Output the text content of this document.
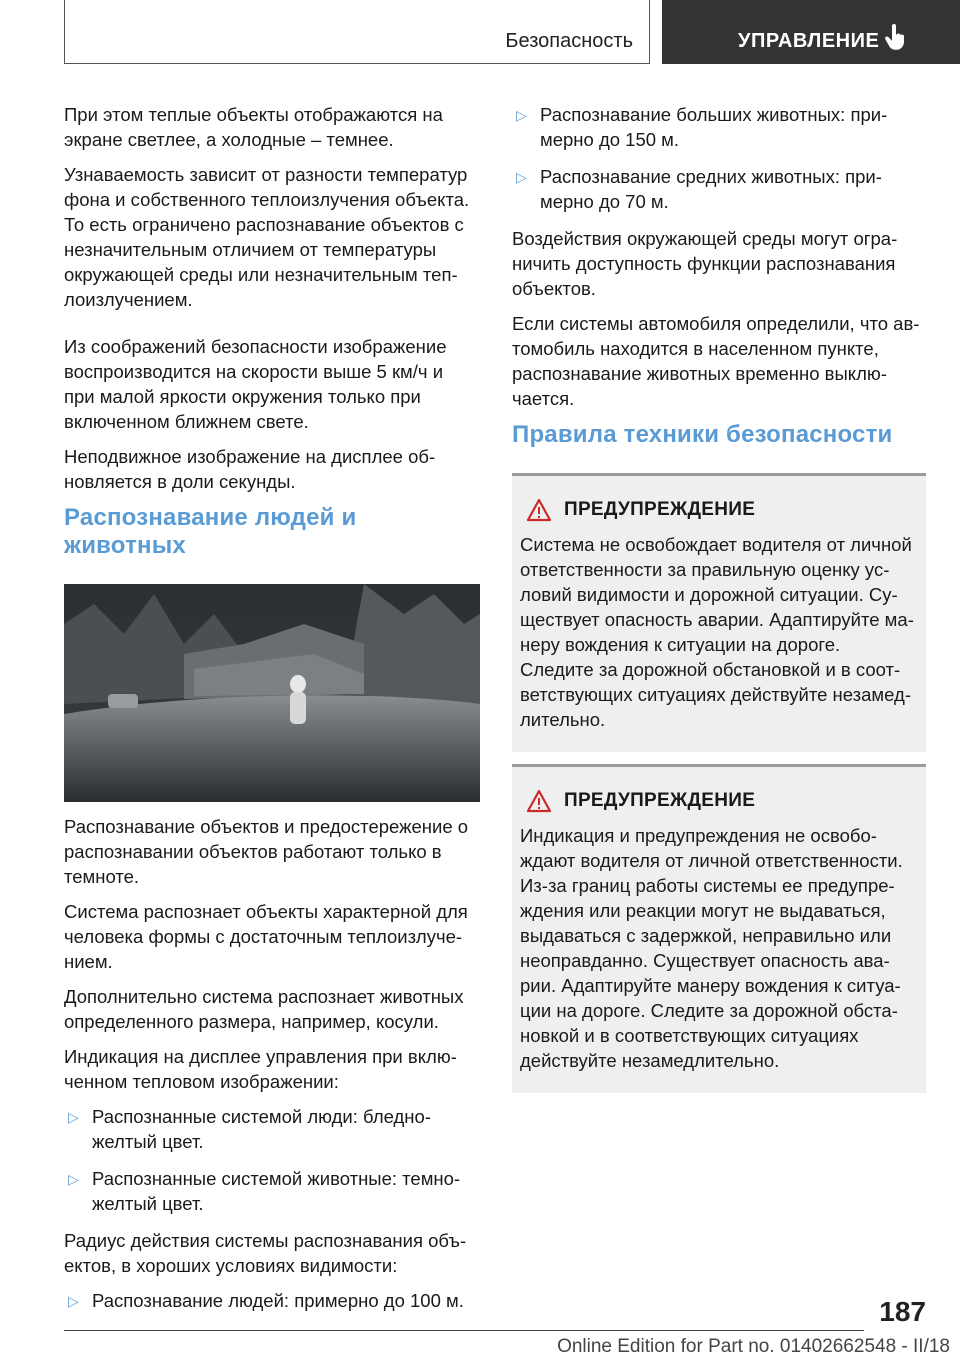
Безопасность	УПРАВЛЕНИЕ

При этом теплые объекты отображаются на экране светлее, а холодные – темнее.

Узнаваемость зависит от разности температур фона и собственного теплоизлучения объекта. То есть ограничено распознавание объектов с незначительным отличием от температуры окружающей среды или незначительным теплоизлучением.

Из соображений безопасности изображение воспроизводится на скорости выше 5 км/ч и при малой яркости окружения только при включенном ближнем свете.

Неподвижное изображение на дисплее обновляется в доли секунды.

Распознавание людей и животных

Распознавание объектов и предостережение о распознавании объектов работают только в темноте.

Система распознает объекты характерной для человека формы с достаточным теплоизлучением.

Дополнительно система распознает животных определенного размера, например, косули.

Индикация на дисплее управления при включенном тепловом изображении:

▷ Распознанные системой люди: бледно-желтый цвет.
▷ Распознанные системой животные: темно-желтый цвет.

Радиус действия системы распознавания объектов, в хороших условиях видимости:

▷ Распознавание людей: примерно до 100 м.
▷ Распознавание больших животных: примерно до 150 м.
▷ Распознавание средних животных: примерно до 70 м.

Воздействия окружающей среды могут ограничить доступность функции распознавания объектов.

Если системы автомобиля определили, что автомобиль находится в населенном пункте, распознавание животных временно выключается.

Правила техники безопасности
ПРЕДУПРЕЖДЕНИЕ

Система не освобождает водителя от личной ответственности за правильную оценку условий видимости и дорожной ситуации. Существует опасность аварии. Адаптируйте манеру вождения к ситуации на дороге. Следите за дорожной обстановкой и в соответствующих ситуациях действуйте незамедлительно.

ПРЕДУПРЕЖДЕНИЕ

Индикация и предупреждения не освобождают водителя от личной ответственности. Из-за границ работы системы ее предупреждения или реакции могут не выдаваться, выдаваться с задержкой, неправильно или неоправданно. Существует опасность аварии. Адаптируйте манеру вождения к ситуации на дороге. Следите за дорожной обстановкой и в соответствующих ситуациях действуйте незамедлительно.

187
Online Edition for Part no. 01402662548 - II/18
